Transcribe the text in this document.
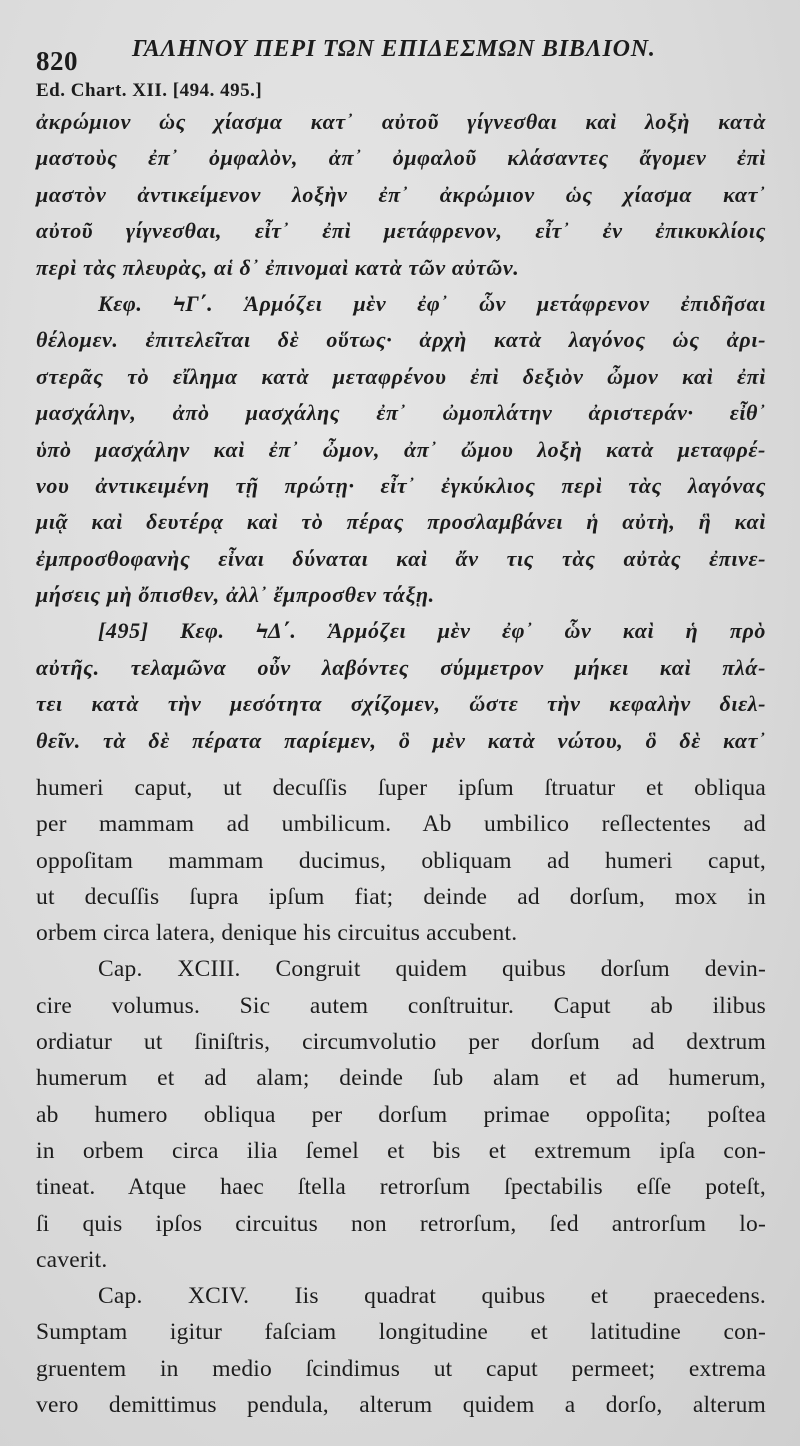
820 ΓΑΛΗΝΟΥ ΠΕΡΙ ΤΩΝ ΕΠΙΔΕΣΜΩΝ ΒΙΒΛΙΟΝ.
Ed. Chart. XII. [494. 495.]
ἀκρώμιον ὡς χίασμα κατ᾽ αὐτοῦ γίγνεσθαι καὶ λοξὴ κατὰ
μαστοὺς ἐπ᾽ ὀμφαλὸν, ἀπ᾽ ὀμφαλοῦ κλάσαντες ἄγομεν ἐπὶ
μαστὸν ἀντικείμενον λοξὴν ἐπ᾽ ἀκρώμιον ὡς χίασμα κατ᾽
αὐτοῦ γίγνεσθαι, εἶτ᾽ ἐπὶ μετάφρενον, εἶτ᾽ ἐν ἐπικυκλίοις
περὶ τὰς πλευρὰς, αἱ δ᾽ ἐπινομαὶ κατὰ τῶν αὐτῶν.
Κεφ. ϞΓ΄. Ἁρμόζει μὲν ἐφ᾽ ὧν μετάφρενον ἐπιδῆσαι
θέλομεν. ἐπιτελεῖται δὲ οὕτως· ἀρχὴ κατὰ λαγόνος ὡς ἀρι-
στερᾶς τὸ εἴλημα κατὰ μεταφρένου ἐπὶ δεξιὸν ὦμον καὶ ἐπὶ
μασχάλην, ἀπὸ μασχάλης ἐπ᾽ ὠμοπλάτην ἀριστεράν· εἶθ᾽
ὑπὸ μασχάλην καὶ ἐπ᾽ ὦμον, ἀπ᾽ ὤμου λοξὴ κατὰ μεταφρέ-
νου ἀντικειμένη τῇ πρώτῃ· εἶτ᾽ ἐγκύκλιος περὶ τὰς λαγόνας
μιᾷ καὶ δευτέρᾳ καὶ τὸ πέρας προσλαμβάνει ἡ αὐτὴ, ἣ καὶ
ἐμπροσθοφανὴς εἶναι δύναται καὶ ἄν τις τὰς αὐτὰς ἐπινε-
μήσεις μὴ ὄπισθεν, ἀλλ᾽ ἔμπροσθεν τάξῃ.
[495] Κεφ. ϞΔ΄. Ἁρμόζει μὲν ἐφ᾽ ὧν καὶ ἡ πρὸ
αὐτῆς. τελαμῶνα οὖν λαβόντες σύμμετρον μήκει καὶ πλά-
τει κατὰ τὴν μεσότητα σχίζομεν, ὥστε τὴν κεφαλὴν διελ-
θεῖν. τὰ δὲ πέρατα παρίεμεν, ὃ μὲν κατὰ νώτου, ὃ δὲ κατ᾽
humeri caput, ut decuſſis ſuper ipſum ſtruatur et obliqua
per mammam ad umbilicum. Ab umbilico reſlectentes ad
oppoſitam mammam ducimus, obliquam ad humeri caput,
ut decuſſis ſupra ipſum fiat; deinde ad dorſum, mox in
orbem circa latera, denique his circuitus accubent.
Cap. XCIII. Congruit quidem quibus dorſum devin-
cire volumus. Sic autem conſtruitur. Caput ab ilibus
ordiatur ut ſiniſtris, circumvolutio per dorſum ad dextrum
humerum et ad alam; deinde ſub alam et ad humerum,
ab humero obliqua per dorſum primae oppoſita; poſtea
in orbem circa ilia ſemel et bis et extremum ipſa con-
tineat. Atque haec ſtella retrorſum ſpectabilis eſſe poteſt,
ſi quis ipſos circuitus non retrorſum, ſed antrorſum lo-
caverit.
Cap. XCIV. Iis quadrat quibus et praecedens.
Sumptam igitur faſciam longitudine et latitudine con-
gruentem in medio ſcindimus ut caput permeet; extrema
vero demittimus pendula, alterum quidem a dorſo, alterum
